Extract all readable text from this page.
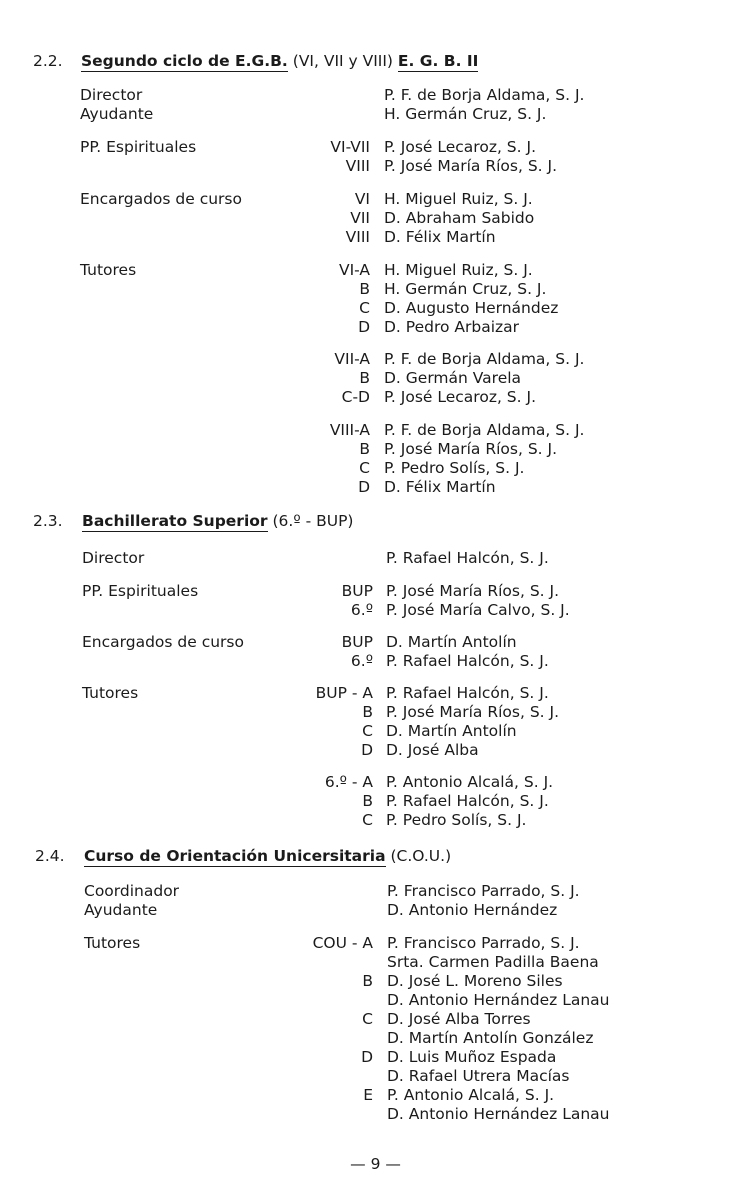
2.2. Segundo ciclo de E.G.B. (VI, VII y VIII) E. G. B. II
Director	P. F. de Borja Aldama, S. J.
Ayudante	H. Germán Cruz, S. J.
PP. Espirituales	VI-VII P. José Lecaroz, S. J.
VIII P. José María Ríos, S. J.
Encargados de curso	VI H. Miguel Ruiz, S. J.
VII D. Abraham Sabido
VIII D. Félix Martín
Tutores	VI-A H. Miguel Ruiz, S. J.
B H. Germán Cruz, S. J.
C D. Augusto Hernández
D D. Pedro Arbaizar
VII-A P. F. de Borja Aldama, S. J.
B D. Germán Varela
C-D P. José Lecaroz, S. J.
VIII-A P. F. de Borja Aldama, S. J.
B P. José María Ríos, S. J.
C P. Pedro Solís, S. J.
D D. Félix Martín
2.3. Bachillerato Superior (6.º - BUP)
Director	P. Rafael Halcón, S. J.
PP. Espirituales	BUP P. José María Ríos, S. J.
6.º P. José María Calvo, S. J.
Encargados de curso	BUP D. Martín Antolín
6.º P. Rafael Halcón, S. J.
Tutores	BUP - A P. Rafael Halcón, S. J.
B P. José María Ríos, S. J.
C D. Martín Antolín
D D. José Alba
6.º - A P. Antonio Alcalá, S. J.
B P. Rafael Halcón, S. J.
C P. Pedro Solís, S. J.
2.4. Curso de Orientación Unicersitaria (C.O.U.)
Coordinador	P. Francisco Parrado, S. J.
Ayudante	D. Antonio Hernández
Tutores	COU - A P. Francisco Parrado, S. J.
Srta. Carmen Padilla Baena
B D. José L. Moreno Siles
D. Antonio Hernández Lanau
C D. José Alba Torres
D. Martín Antolín González
D D. Luis Muñoz Espada
D. Rafael Utrera Macías
E P. Antonio Alcalá, S. J.
D. Antonio Hernández Lanau
— 9 —
